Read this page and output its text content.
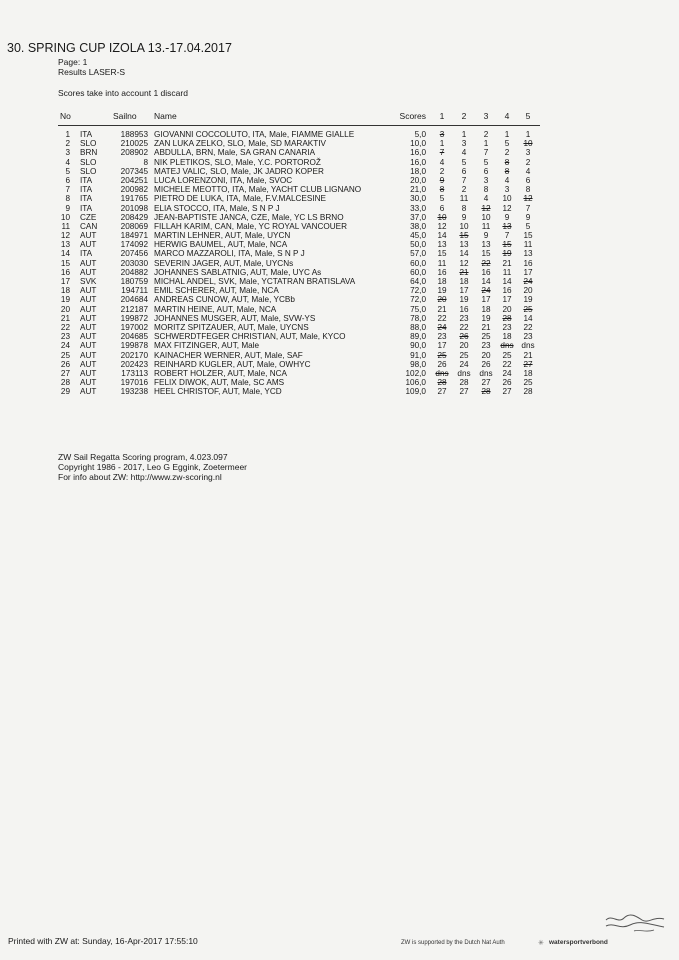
30. SPRING CUP IZOLA 13.-17.04.2017
Page: 1
Results LASER-S
Scores take into account 1 discard
No	Sailno	Name	Scores	1	2	3	4	5
1 ITA	188953 GIOVANNI COCCOLUTO, ITA, Male, FIAMME GIALLE	5,0	3	1	2	1	1
2 SLO	210025 ZAN LUKA ZELKO, SLO, Male, SD MARAKTIV	10,0	1	3	1	5	10
3 BRN	208902 ABDULLA, BRN, Male, SA GRAN CANARIA	16,0	7	4	7	2	3
4 SLO	8 NIK PLETIKOS, SLO, Male, Y.C. PORTOROŽ	16,0	4	5	5	8	2
5 SLO	207345 MATEJ VALIC, SLO, Male, JK JADRO KOPER	18,0	2	6	6	8	4
6 ITA	204251 LUCA LORENZONI, ITA, Male, SVOC	20,0	9	7	3	4	6
7 ITA	200982 MICHELE MEOTTO, ITA, Male, YACHT CLUB LIGNANO	21,0	8	2	8	3	8
8 ITA	191765 PIETRO DE LUKA, ITA, Male, F.V.MALCESINE	30,0	5	11	4	10	12
9 ITA	201098 ELIA STOCCO, ITA, Male, S N P J	33,0	6	8	12	12	7
10 CZE	208429 JEAN-BAPTISTE JANCA, CZE, Male, YC LS BRNO	37,0	10	9	10	9	9
11 CAN	208069 FILLAH KARIM, CAN, Male, YC ROYAL VANCOUER	38,0	12	10	11	13	5
12 AUT	184971 MARTIN LEHNER, AUT, Male, UYCN	45,0	14	15	9	7	15
13 AUT	174092 HERWIG BAUMEL, AUT, Male, NCA	50,0	13	13	13	15	11
14 ITA	207456 MARCO MAZZAROLI, ITA, Male, S N P J	57,0	15	14	15	19	13
15 AUT	203030 SEVERIN JAGER, AUT, Male, UYCNs	60,0	11	12	22	21	16
16 AUT	204882 JOHANNES SABLATNIG, AUT, Male, UYC As	60,0	16	21	16	11	17
17 SVK	180759 MICHAL ANDEL, SVK, Male, YCTATRAN BRATISLAVA	64,0	18	18	14	14	24
18 AUT	194711 EMIL SCHERER, AUT, Male, NCA	72,0	19	17	24	16	20
19 AUT	204684 ANDREAS CUNOW, AUT, Male, YCBb	72,0	20	19	17	17	19
20 AUT	212187 MARTIN HEINE, AUT, Male, NCA	75,0	21	16	18	20	25
21 AUT	199872 JOHANNES MUSGER, AUT, Male, SVW-YS	78,0	22	23	19	28	14
22 AUT	197002 MORITZ SPITZAUER, AUT, Male, UYCNS	88,0	24	22	21	23	22
23 AUT	204685 SCHWERDTFEGER CHRISTIAN, AUT, Male, KYCO	89,0	23	26	25	18	23
24 AUT	199878 MAX FITZINGER, AUT, Male	90,0	17	20	23	dns dns
25 AUT	202170 KAINACHER WERNER, AUT, Male, SAF	91,0	25	25	20	25	21
26 AUT	202423 REINHARD KUGLER, AUT, Male, OWHYC	98,0	26	24	26	22	27
27 AUT	173113 ROBERT HOLZER, AUT, Male, NCA	102,0	dns	dns	dns	24	18
28 AUT	197016 FELIX DIWOK, AUT, Male, SC AMS	106,0	28	28	27	26	25
29 AUT	193238 HEEL CHRISTOF, AUT, Male, YCD	109,0	27	27	28	27	28
ZW Sail Regatta Scoring program, 4.023.097
Copyright 1986 - 2017, Leo G Eggink, Zoetermeer
For info about ZW: http://www.zw-scoring.nl
Printed with ZW at: Sunday, 16-Apr-2017 17:55:10	ZW is supported by the Dutch Nat Auth	✳ watersportverbond
